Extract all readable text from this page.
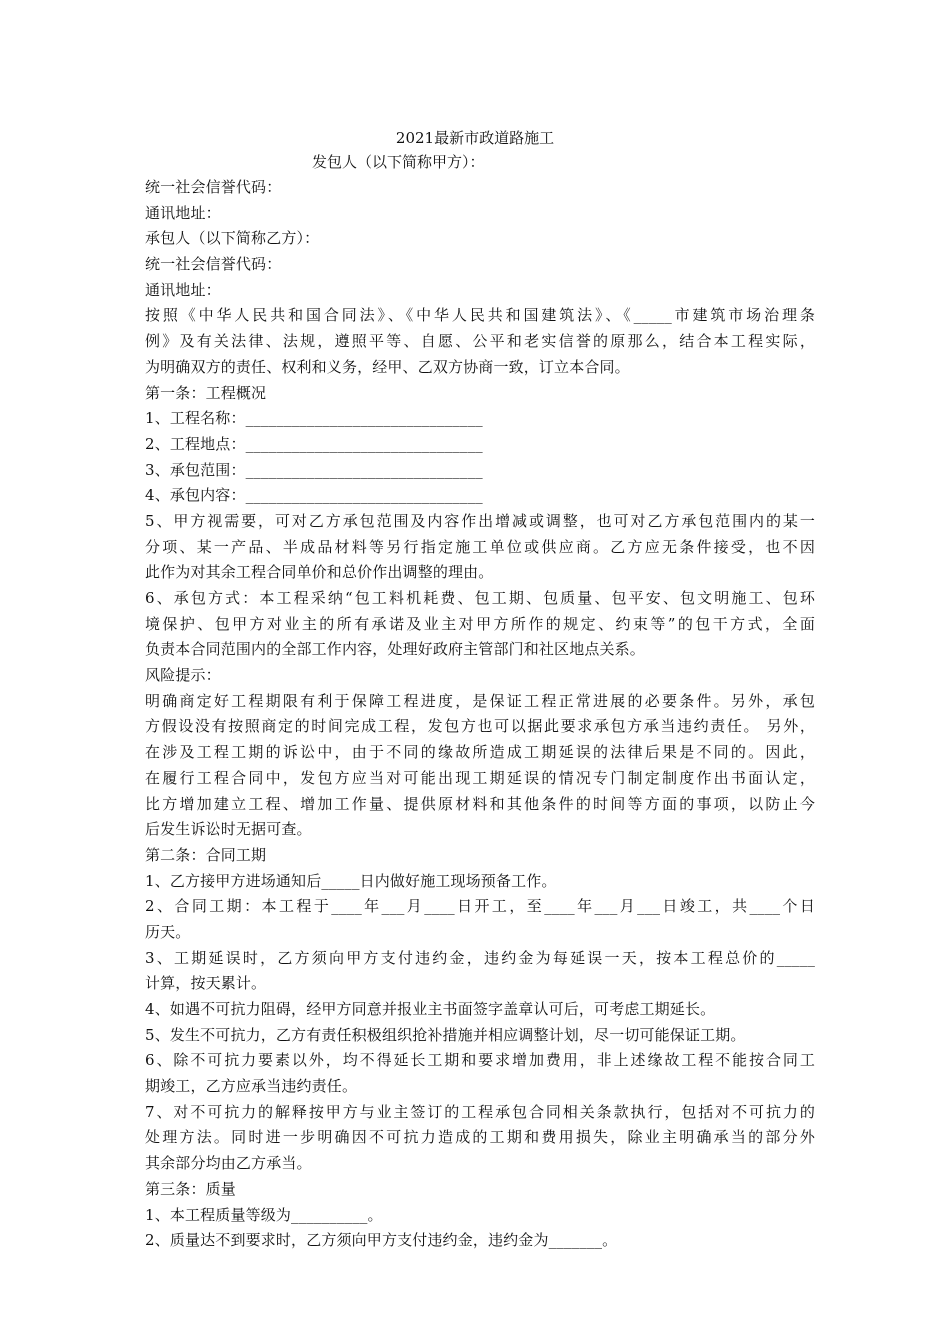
2021最新市政道路施工
发包人（以下简称甲方）：
统一社会信誉代码：
通讯地址：
承包人（以下简称乙方）：
统一社会信誉代码：
通讯地址：
按照《中华人民共和国合同法》、《中华人民共和国建筑法》、《_____市建筑市场治理条
例》及有关法律、法规，遵照平等、自愿、公平和老实信誉的原那么，结合本工程实际，
为明确双方的责任、权利和义务，经甲、乙双方协商一致，订立本合同。
第一条：工程概况
1、工程名称：_______________________________
2、工程地点：_______________________________
3、承包范围：_______________________________
4、承包内容：_______________________________
5、甲方视需要，可对乙方承包范围及内容作出增减或调整，也可对乙方承包范围内的某一
分项、某一产品、半成品材料等另行指定施工单位或供应商。乙方应无条件接受，也不因
此作为对其余工程合同单价和总价作出调整的理由。
6、承包方式：本工程采纳“包工料机耗费、包工期、包质量、包平安、包文明施工、包环
境保护、包甲方对业主的所有承诺及业主对甲方所作的规定、约束等”的包干方式，全面
负责本合同范围内的全部工作内容，处理好政府主管部门和社区地点关系。
风险提示：
明确商定好工程期限有利于保障工程进度，是保证工程正常进展的必要条件。另外，承包
方假设没有按照商定的时间完成工程，发包方也可以据此要求承包方承当违约责任。 另外，
在涉及工程工期的诉讼中，由于不同的缘故所造成工期延误的法律后果是不同的。因此，
在履行工程合同中，发包方应当对可能出现工期延误的情况专门制定制度作出书面认定，
比方增加建立工程、增加工作量、提供原材料和其他条件的时间等方面的事项，以防止今
后发生诉讼时无据可查。
第二条：合同工期
1、乙方接甲方进场通知后_____日内做好施工现场预备工作。
2、合同工期：本工程于____年___月____日开工，至____年___月___日竣工，共____个日
历天。
3、工期延误时，乙方须向甲方支付违约金，违约金为每延误一天，按本工程总价的_____
计算，按天累计。
4、如遇不可抗力阻碍，经甲方同意并报业主书面签字盖章认可后，可考虑工期延长。
5、发生不可抗力，乙方有责任积极组织抢补措施并相应调整计划，尽一切可能保证工期。
6、除不可抗力要素以外，均不得延长工期和要求增加费用，非上述缘故工程不能按合同工
期竣工，乙方应承当违约责任。
7、对不可抗力的解释按甲方与业主签订的工程承包合同相关条款执行，包括对不可抗力的
处理方法。同时进一步明确因不可抗力造成的工期和费用损失，除业主明确承当的部分外
其余部分均由乙方承当。
第三条：质量
1、本工程质量等级为__________。
2、质量达不到要求时，乙方须向甲方支付违约金，违约金为_______。
